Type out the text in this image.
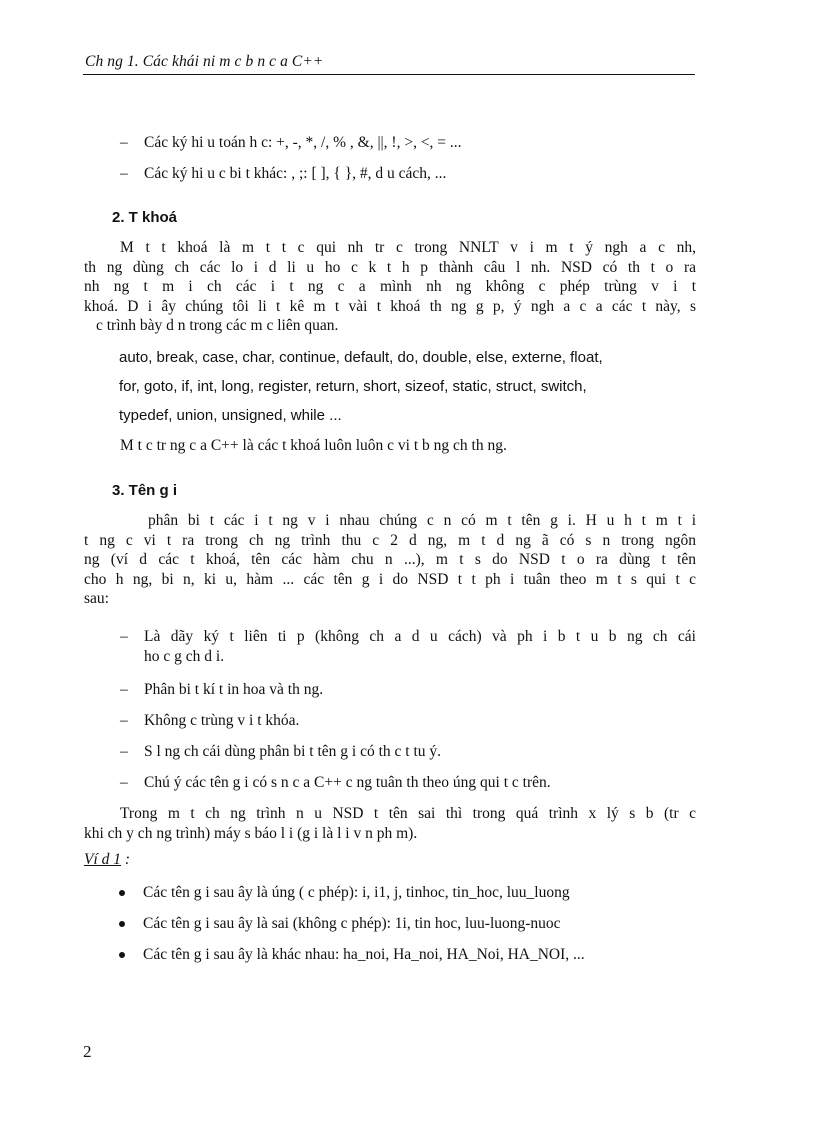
Ch ng 1. Các khái ni m c b n c a C++
– Các ký hi u toán h c: +, -, *, /, % , &, ||, !, >, <, = ...
– Các ký hi u c bi t khác: , ;: [ ], { }, #, d u cách, ...
2. T khoá
M t t khoá là m t t c qui nh tr c trong NNLT v i m t ý ngh a c nh,
th ng dùng ch các lo i d li u ho c k t h p thành câu l nh. NSD có th t o ra
nh ng t m i ch các i t ng c a mình nh ng không c phép trùng v i t
khoá. D i ây chúng tôi li t kê m t vài t khoá th ng g p, ý ngh a c a các t này, s
c trình bày d n trong các m c liên quan.
auto, break, case, char, continue, default, do, double, else, externe, float,
for, goto, if, int, long, register, return, short, sizeof, static, struct, switch,
typedef, union, unsigned, while ...
M t c tr ng c a C++ là các t khoá luôn luôn c vi t b ng ch th ng.
3. Tên g i
phân bi t các i t ng v i nhau chúng c n có m t tên g i. H u h t m t i
t ng c vi t ra trong ch ng trình thu c 2 d ng, m t d ng ã có s n trong ngôn
ng (ví d các t khoá, tên các hàm chu n ...), m t s do NSD t o ra dùng t tên
cho h ng, bi n, ki u, hàm ... các tên g i do NSD t t ph i tuân theo m t s qui t c
sau:
– Là dãy ký t liên ti p (không ch a d u cách) và ph i b t u b ng ch cái
ho c g ch d i.
– Phân bi t kí t in hoa và th ng.
– Không c trùng v i t khóa.
– S l ng ch cái dùng phân bi t tên g i có th c t tu ý.
– Chú ý các tên g i có s n c a C++ c ng tuân th theo úng qui t c trên.
Trong m t ch ng trình n u NSD t tên sai thì trong quá trình x lý s b (tr c
khi ch y ch ng trình) máy s báo l i (g i là l i v n ph m).
Ví d 1 :
Các tên g i sau ây là úng ( c phép): i, i1, j, tinhoc, tin_hoc, luu_luong
Các tên g i sau ây là sai (không c phép): 1i, tin hoc, luu-luong-nuoc
Các tên g i sau ây là khác nhau: ha_noi, Ha_noi, HA_Noi, HA_NOI, ...
2
